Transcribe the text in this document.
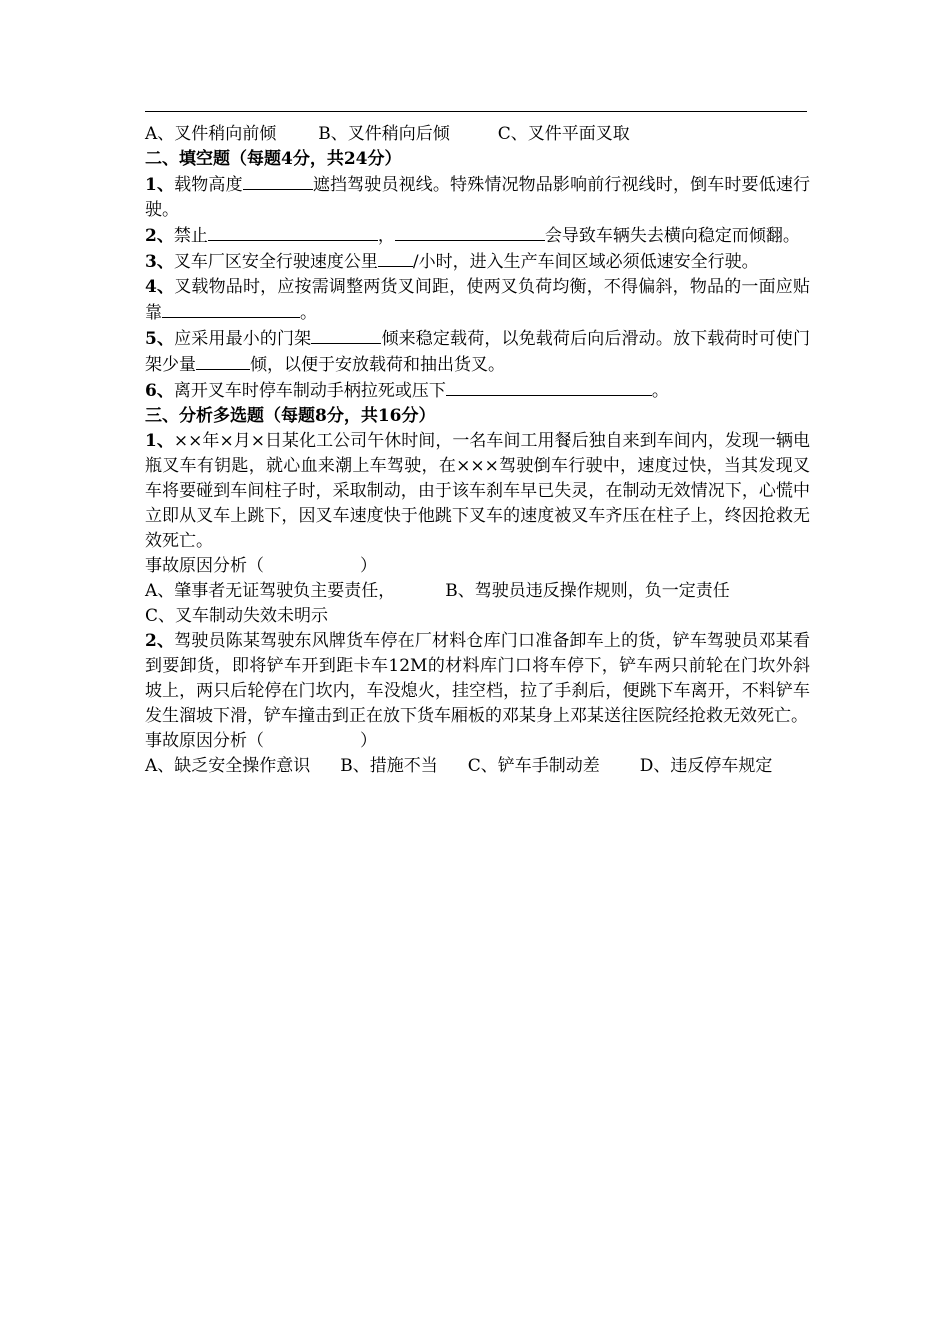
A、叉件稍向前倾 B、叉件稍向后倾	C、叉件平面叉取
二、填空题（每题4分，共24分）
1、载物高度	遮挡驾驶员视线。特殊情况物品影响前行视线时，倒车时要低速行驶。
2、禁止	，	会导致车辆失去横向稳定而倾翻。
3、叉车厂区安全行驶速度公里 /小时，进入生产车间区域必须低速安全行驶。
4、叉载物品时，应按需调整两货叉间距，使两叉负荷均衡，不得偏斜，物品的一面应贴靠	。
5、应采用最小的门架	倾来稳定载荷，以免载荷后向后滑动。放下载荷时可使门架少量	倾，以便于安放载荷和抽出货叉。
6、离开叉车时停车制动手柄拉死或压下	。
三、分析多选题（每题8分，共16分）
1、××年×月×日某化工公司午休时间，一名车间工用餐后独自来到车间内，发现一辆电瓶叉车有钥匙，就心血来潮上车驾驶，在×××驾驶倒车行驶中，速度过快，当其发现叉车将要碰到车间柱子时，采取制动，由于该车刹车早已失灵，在制动无效情况下，心慌中立即从叉车上跳下，因叉车速度快于他跳下叉车的速度被叉车齐压在柱子上，终因抢救无效死亡。
事故原因分析（	）
A、肇事者无证驾驶负主要责任，	B、驾驶员违反操作规则，负一定责任
C、叉车制动失效未明示
2、驾驶员陈某驾驶东风牌货车停在厂材料仓库门口准备卸车上的货，铲车驾驶员邓某看到要卸货，即将铲车开到距卡车12M的材料库门口将车停下，铲车两只前轮在门坎外斜坡上，两只后轮停在门坎内，车没熄火，挂空档，拉了手刹后，便跳下车离开，不料铲车发生溜坡下滑，铲车撞击到正在放下货车厢板的邓某身上邓某送往医院经抢救无效死亡。
事故原因分析（	）
A、缺乏安全操作意识 B、措施不当 C、铲车手制动差 D、违反停车规定
